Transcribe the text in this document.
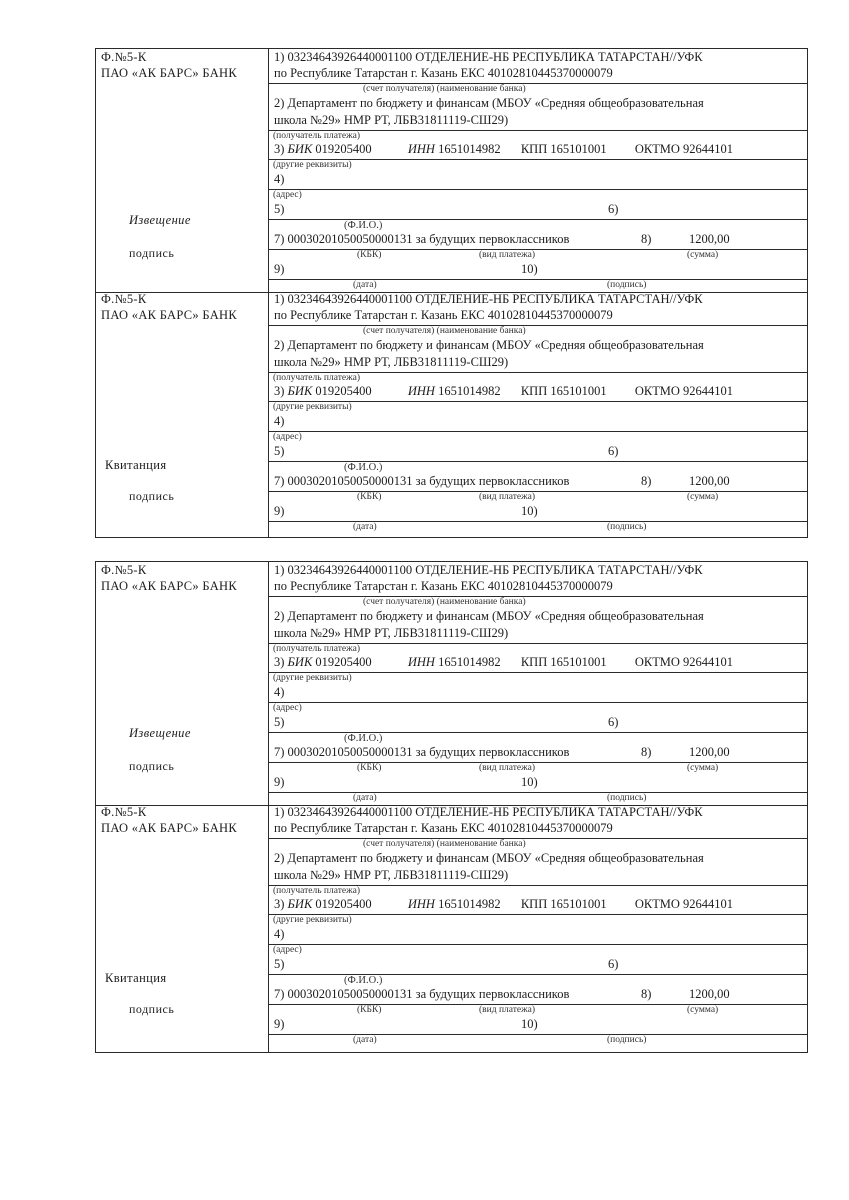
Ф.№5-К
ПАО «АК БАРС» БАНК
Извещение
подпись
1) 03234643926440001100 ОТДЕЛЕНИЕ-НБ РЕСПУБЛИКА ТАТАРСТАН//УФК
по Республике Татарстан г. Казань ЕКС 40102810445370000079
(счет получателя) (наименование банка)
2) Департамент по бюджету и финансам (МБОУ «Средняя общеобразовательная
школа №29» НМР РТ, ЛБВ31811119-СШ29)
(получатель платежа)
3) БИК 019205400	ИНН 1651014982 КПП 165101001 ОКТМО 92644101
(другие реквизиты)
4)
(адрес)
5)	6)
(Ф.И.О.)
7) 00030201050050000131 за будущих первоклассников	8)	1200,00
(КБК)	(вид платежа)	(сумма)
9)	10)
(дата)	(подпись)
Ф.№5-К
ПАО «АК БАРС» БАНК
Квитанция
подпись
1) 03234643926440001100 ОТДЕЛЕНИЕ-НБ РЕСПУБЛИКА ТАТАРСТАН//УФК
по Республике Татарстан г. Казань ЕКС 40102810445370000079
(счет получателя) (наименование банка)
2) Департамент по бюджету и финансам (МБОУ «Средняя общеобразовательная
школа №29» НМР РТ, ЛБВ31811119-СШ29)
(получатель платежа)
3) БИК 019205400	ИНН 1651014982 КПП 165101001 ОКТМО 92644101
(другие реквизиты)
4)
(адрес)
5)	6)
(Ф.И.О.)
7) 00030201050050000131 за будущих первоклассников	8)	1200,00
(КБК)	(вид платежа)	(сумма)
9)	10)
(дата)	(подпись)
Ф.№5-К
ПАО «АК БАРС» БАНК
Извещение
подпись
1) 03234643926440001100 ОТДЕЛЕНИЕ-НБ РЕСПУБЛИКА ТАТАРСТАН//УФК
по Республике Татарстан г. Казань ЕКС 40102810445370000079
(счет получателя) (наименование банка)
2) Департамент по бюджету и финансам (МБОУ «Средняя общеобразовательная
школа №29» НМР РТ, ЛБВ31811119-СШ29)
(получатель платежа)
3) БИК 019205400	ИНН 1651014982 КПП 165101001 ОКТМО 92644101
(другие реквизиты)
4)
(адрес)
5)	6)
(Ф.И.О.)
7) 00030201050050000131 за будущих первоклассников	8)	1200,00
(КБК)	(вид платежа)	(сумма)
9)	10)
(дата)	(подпись)
Ф.№5-К
ПАО «АК БАРС» БАНК
Квитанция
подпись
1) 03234643926440001100 ОТДЕЛЕНИЕ-НБ РЕСПУБЛИКА ТАТАРСТАН//УФК
по Республике Татарстан г. Казань ЕКС 40102810445370000079
(счет получателя) (наименование банка)
2) Департамент по бюджету и финансам (МБОУ «Средняя общеобразовательная
школа №29» НМР РТ, ЛБВ31811119-СШ29)
(получатель платежа)
3) БИК 019205400	ИНН 1651014982 КПП 165101001 ОКТМО 92644101
(другие реквизиты)
4)
(адрес)
5)	6)
(Ф.И.О.)
7) 00030201050050000131 за будущих первоклассников	8)	1200,00
(КБК)	(вид платежа)	(сумма)
9)	10)
(дата)	(подпись)
